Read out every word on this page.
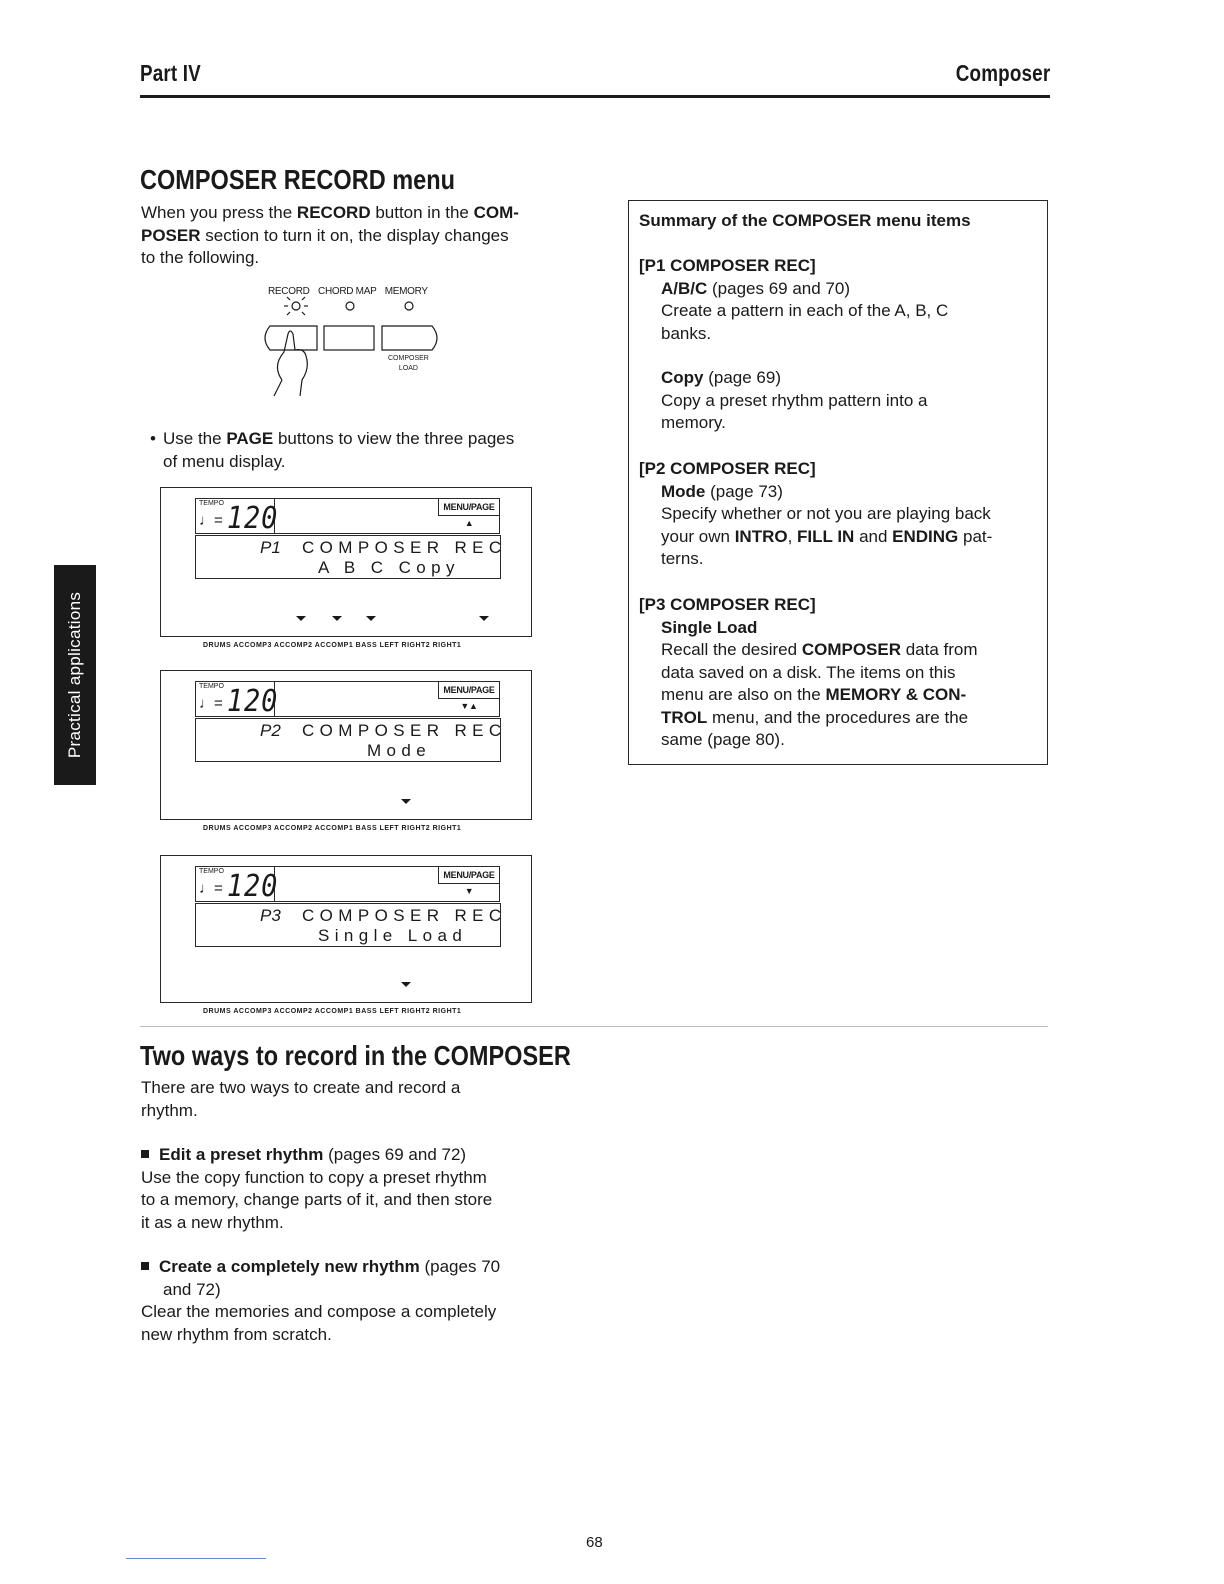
Part IV	Composer
Practical applications
COMPOSER RECORD menu
When you press the RECORD button in the COM-
POSER section to turn it on, the display changes
to the following.
RECORD CHORD MAP MEMORY
COMPOSER
LOAD
• Use the PAGE buttons to view the three pages
of menu display.
TEMPO
♩= 120	MENU/PAGE ▲
P1 COMPOSER REC
A B C Copy
DRUMS ACCOMP3 ACCOMP2 ACCOMP1 BASS LEFT RIGHT2 RIGHT1
TEMPO
♩= 120	MENU/PAGE ▼▲
P2 COMPOSER REC
Mode
DRUMS ACCOMP3 ACCOMP2 ACCOMP1 BASS LEFT RIGHT2 RIGHT1
TEMPO
♩= 120	MENU/PAGE ▼
P3 COMPOSER REC
Single Load
DRUMS ACCOMP3 ACCOMP2 ACCOMP1 BASS LEFT RIGHT2 RIGHT1
Summary of the COMPOSER menu items
[P1 COMPOSER REC]
A/B/C (pages 69 and 70)
Create a pattern in each of the A, B, C
banks.
Copy (page 69)
Copy a preset rhythm pattern into a
memory.
[P2 COMPOSER REC]
Mode (page 73)
Specify whether or not you are playing back
your own INTRO, FILL IN and ENDING pat-
terns.
[P3 COMPOSER REC]
Single Load
Recall the desired COMPOSER data from
data saved on a disk. The items on this
menu are also on the MEMORY & CON-
TROL menu, and the procedures are the
same (page 80).
Two ways to record in the COMPOSER
There are two ways to create and record a
rhythm.
Edit a preset rhythm (pages 69 and 72)
Use the copy function to copy a preset rhythm
to a memory, change parts of it, and then store
it as a new rhythm.
Create a completely new rhythm (pages 70
and 72)
Clear the memories and compose a completely
new rhythm from scratch.
68
